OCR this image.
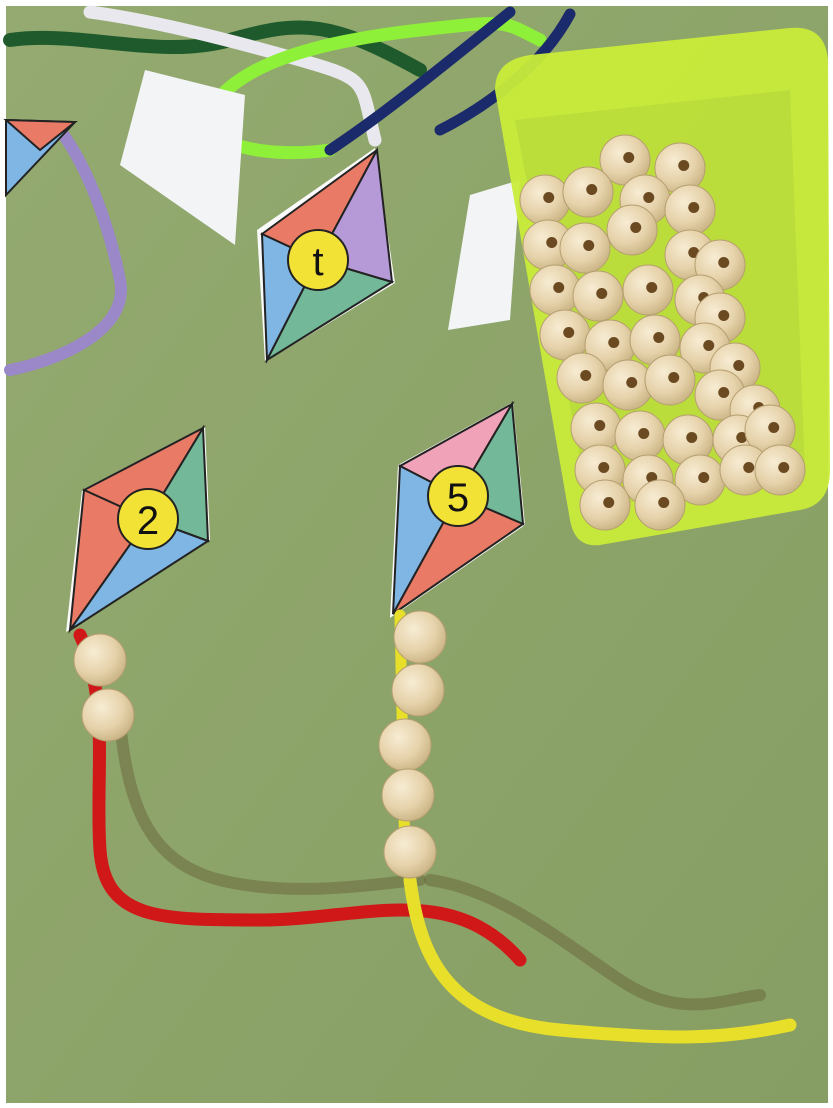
t
2
5
